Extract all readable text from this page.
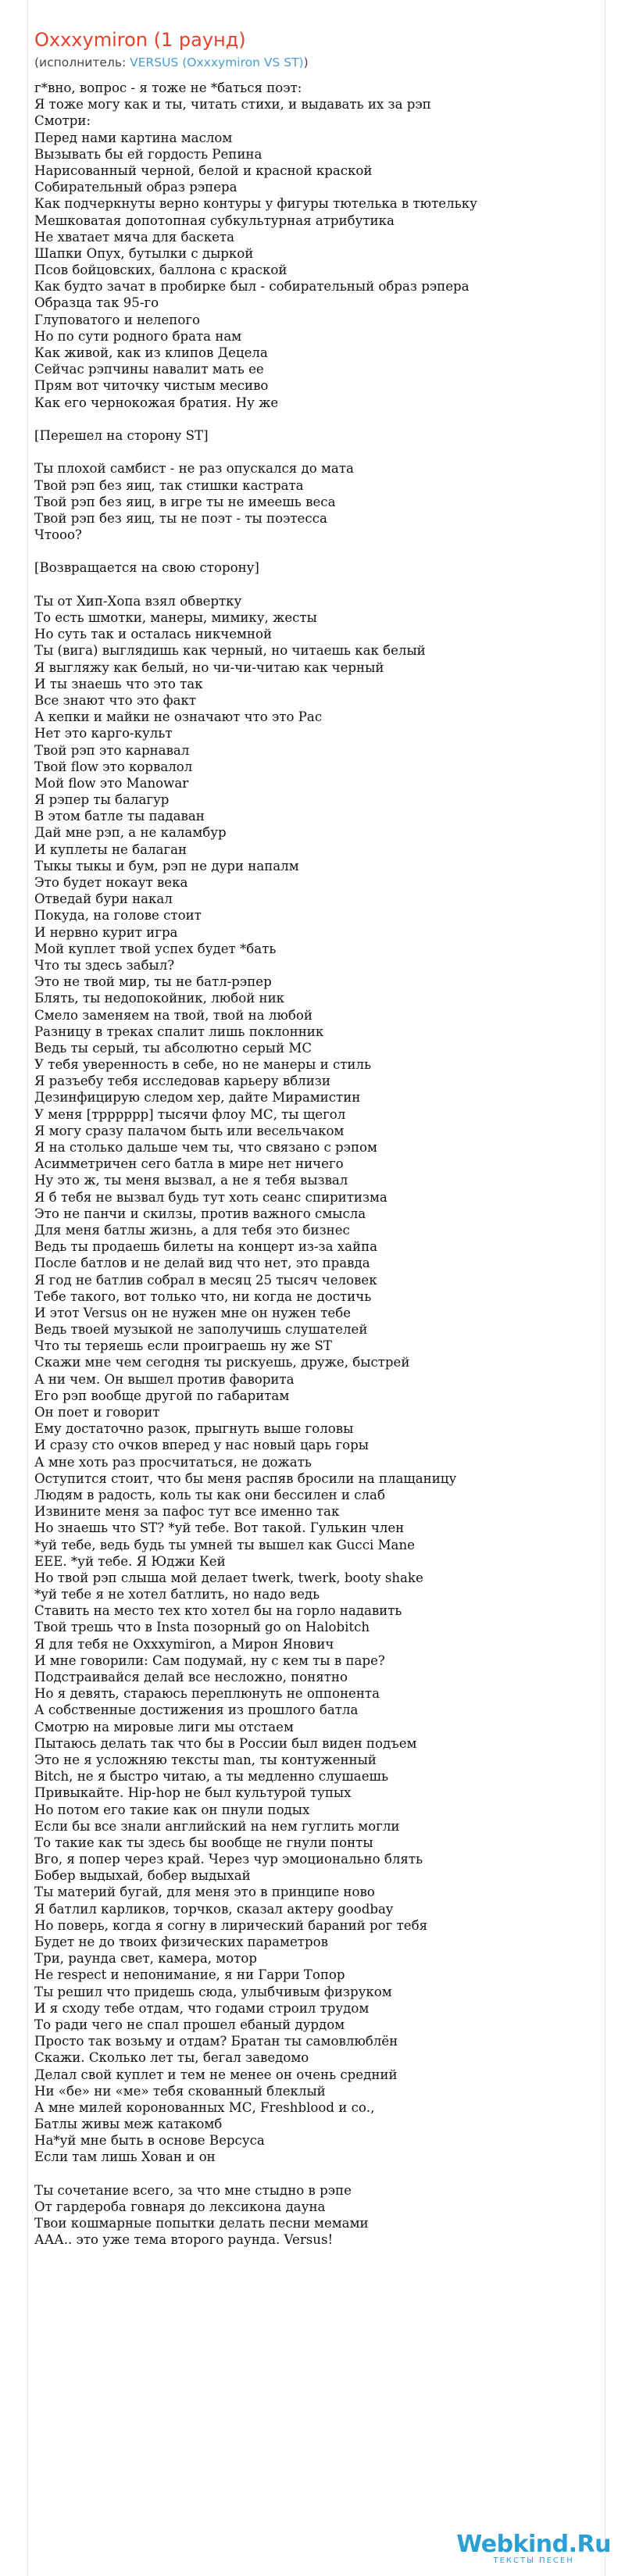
Oxxxymiron (1 раунд)
(исполнитель: VERSUS (Oxxxymiron VS ST))
г*вно, вопрос - я тоже не *баться поэт:
Я тоже могу как и ты, читать стихи, и выдавать их за рэп
Смотри:
Перед нами картина маслом
Вызывать бы ей гордость Репина
Нарисованный черной, белой и красной краской
Собирательный образ рэпера
Как подчеркнуты верно контуры у фигуры тютелька в тютельку
Мешковатая допотопная субкультурная атрибутика
Не хватает мяча для баскета
Шапки Опух, бутылки с дыркой
Псов бойцовских, баллона с краской
Как будто зачат в пробирке был - собирательный образ рэпера
Образца так 95-го
Глуповатого и нелепого
Но по сути родного брата нам
Как живой, как из клипов Децела
Сейчас рэпчины навалит мать ее
Прям вот читочку чистым месиво
Как его чернокожая братия. Ну же
[Перешел на сторону ST]
Ты плохой самбист - не раз опускался до мата
Твой рэп без яиц, так стишки кастрата
Твой рэп без яиц, в игре ты не имеешь веса
Твой рэп без яиц, ты не поэт - ты поэтесса
Чтооо?
[Возвращается на свою сторону]
Ты от Хип-Хопа взял обвертку
То есть шмотки, манеры, мимику, жесты
Но суть так и осталась никчемной
Ты (вига) выглядишь как черный, но читаешь как белый
Я выгляжу как белый, но чи-чи-читаю как черный
И ты знаешь что это так
Все знают что это факт
А кепки и майки не означают что это Рас
Нет это карго-культ
Твой рэп это карнавал
Твой flow это корвалол
Мой flow это Manowar
Я рэпер ты балагур
В этом батле ты падаван
Дай мне рэп, а не каламбур
И куплеты не балаган
Тыкы тыкы и бум, рэп не дури напалм
Это будет нокаут века
Отведай бури накал
Покуда, на голове стоит
И нервно курит игра
Мой куплет твой успех будет *бать
Что ты здесь забыл?
Это не твой мир, ты не батл-рэпер
Блять, ты недопокойник, любой ник
Смело заменяем на твой, твой на любой
Разницу в треках спалит лишь поклонник
Ведь ты серый, ты абсолютно серый МС
У тебя уверенность в себе, но не манеры и стиль
Я разъебу тебя исследовав карьеру вблизи
Дезинфицирую следом хер, дайте Мирамистин
У меня [трррррр] тысячи флоу МС, ты щегол
Я могу сразу палачом быть или весельчаком
Я на столько дальше чем ты, что связано с рэпом
Асимметричен сего батла в мире нет ничего
Ну это ж, ты меня вызвал, а не я тебя вызвал
Я б тебя не вызвал будь тут хоть сеанс спиритизма
Это не панчи и скилзы, против важного смысла
Для меня батлы жизнь, а для тебя это бизнес
Ведь ты продаешь билеты на концерт из-за хайпа
После батлов и не делай вид что нет, это правда
Я год не батлив собрал в месяц 25 тысяч человек
Тебе такого, вот только что, ни когда не достичь
И этот Versus он не нужен мне он нужен тебе
Ведь твоей музыкой не заполучишь слушателей
Что ты теряешь если проиграешь ну же ST
Скажи мне чем сегодня ты рискуешь, друже, быстрей
А ни чем. Он вышел против фаворита
Его рэп вообще другой по габаритам
Он поет и говорит
Ему достаточно разок, прыгнуть выше головы
И сразу сто очков вперед у нас новый царь горы
А мне хоть раз просчитаться, не дожать
Оступится стоит, что бы меня распяв бросили на плащаницу
Людям в радость, коль ты как они бессилен и слаб
Извините меня за пафос тут все именно так
Но знаешь что ST? *уй тебе. Вот такой. Гулькин член
*уй тебе, ведь будь ты умней ты вышел как Gucci Mane
ЕЕЕ. *уй тебе. Я Юджи Кей
Но твой рэп слыша мой делает twerk, twerk, booty shake
*уй тебе я не хотел батлить, но надо ведь
Ставить на место тех кто хотел бы на горло надавить
Твой трешь что в Insta позорный go on Halobitch
Я для тебя не Oxxxymiron, а Мирон Янович
И мне говорили: Сам подумай, ну с кем ты в паре?
Подстраивайся делай все несложно, понятно
Но я девять, стараюсь переплюнуть не оппонента
А собственные достижения из прошлого батла
Смотрю на мировые лиги мы отстаем
Пытаюсь делать так что бы в России был виден подъем
Это не я усложняю тексты man, ты контуженный
Bitch, не я быстро читаю, а ты медленно слушаешь
Привыкайте. Hip-hop не был культурой тупых
Но потом его такие как он пнули подых
Если бы все знали английский на нем гуглить могли
То такие как ты здесь бы вообще не гнули понты
Вго, я попер через край. Через чур эмоционально блять
Бобер выдыхай, бобер выдыхай
Ты материй бугай, для меня это в принципе ново
Я батлил карликов, торчков, сказал актеру goodbay
Но поверь, когда я согну в лирический бараний рог тебя
Будет не до твоих физических параметров
Три, раунда свет, камера, мотор
Не respect и непонимание, я ни Гарри Топор
Ты решил что придешь сюда, улыбчивым физруком
И я сходу тебе отдам, что годами строил трудом
То ради чего не спал прошел ебаный дурдом
Просто так возьму и отдам? Братан ты самовлюблён
Скажи. Сколько лет ты, бегал заведомо
Делал свой куплет и тем не менее он очень средний
Ни «бе» ни «ме» тебя скованный блеклый
А мне милей коронованных МС, Freshblood и со.,
Батлы живы меж катакомб
На*уй мне быть в основе Версуса
Если там лишь Хован и он
Ты сочетание всего, за что мне стыдно в рэпе
От гардероба говнаря до лексикона дауна
Твои кошмарные попытки делать песни мемами
ААА.. это уже тема второго раунда. Versus!
Webkind.Ru
ТЕКСТЫ ПЕСЕН
